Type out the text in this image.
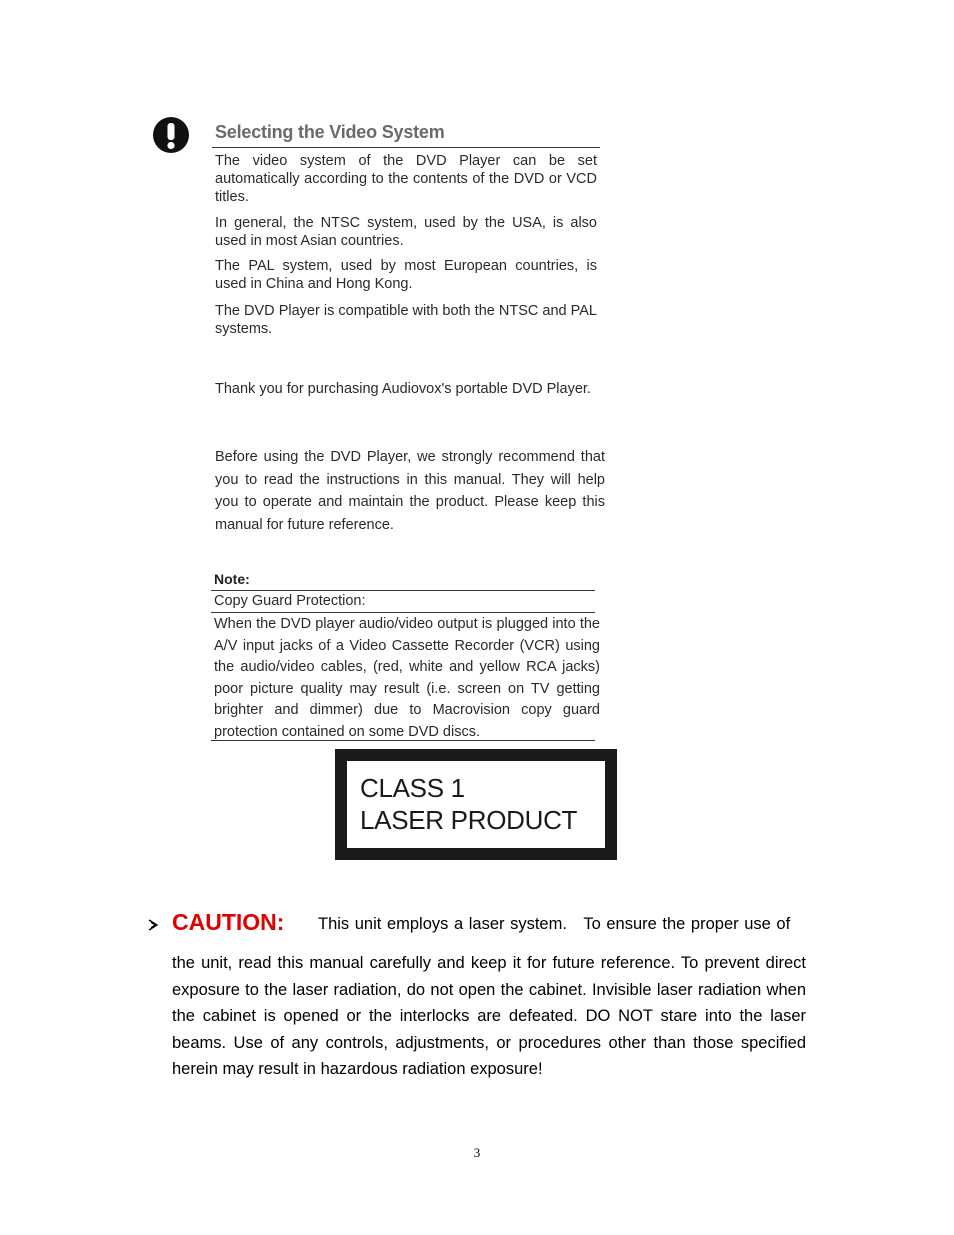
Selecting the Video System
The video system of the DVD Player can be set automatically according to the contents of the DVD or VCD titles.
In general, the NTSC system, used by the USA, is also used in most Asian countries.
The PAL system, used by most European countries, is used in China and Hong Kong.
The DVD Player is compatible with both the NTSC and PAL systems.
Thank you for purchasing Audiovox's portable DVD Player.
Before using the DVD Player, we strongly recommend that you to read the instructions in this manual. They will help you to operate and maintain the product. Please keep this manual for future reference.
Note:
Copy Guard Protection:
When the DVD player audio/video output is plugged into the A/V input jacks of a Video Cassette Recorder (VCR) using the audio/video cables, (red, white and yellow RCA jacks) poor picture quality may result (i.e. screen on TV getting brighter and dimmer) due to Macrovision copy guard protection contained on some DVD discs.
CLASS 1
LASER PRODUCT
CAUTION: This unit employs a laser system.   To ensure the proper use of
the unit, read this manual carefully and keep it for future reference. To prevent direct exposure to the laser radiation, do not open the cabinet. Invisible laser radiation when the cabinet is opened or the interlocks are defeated. DO NOT stare into the laser beams. Use of any controls, adjustments, or procedures other than those specified herein may result in hazardous radiation exposure!
3
